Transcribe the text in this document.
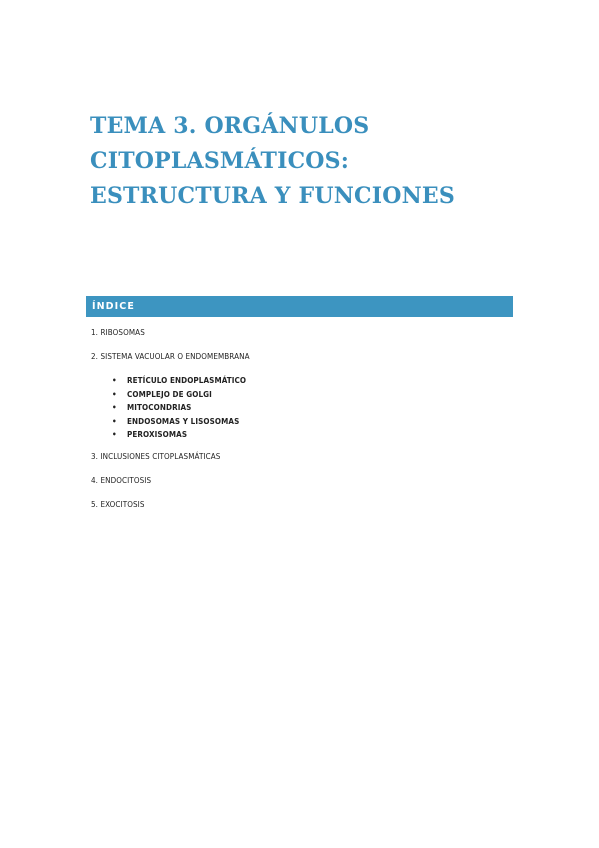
TEMA 3. ORGÁNULOS CITOPLASMÁTICOS: ESTRUCTURA Y FUNCIONES
ÍNDICE
1. RIBOSOMAS
2. SISTEMA VACUOLAR O ENDOMEMBRANA
• RETÍCULO ENDOPLASMÁTICO
• COMPLEJO DE GOLGI
• MITOCONDRIAS
• ENDOSOMAS Y LISOSOMAS
• PEROXISOMAS
3. INCLUSIONES CITOPLASMÁTICAS
4. ENDOCITOSIS
5. EXOCITOSIS
